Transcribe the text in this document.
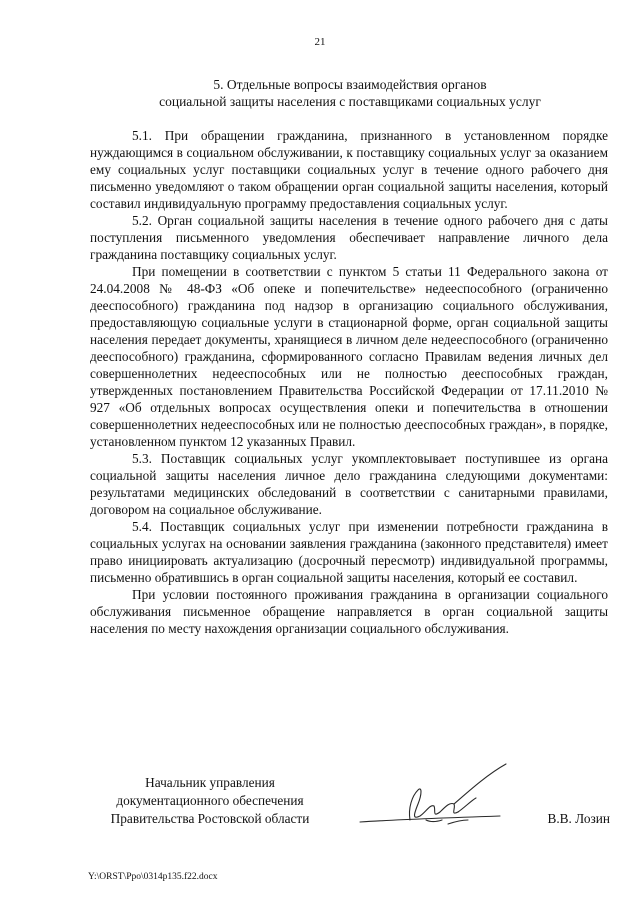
21
5. Отдельные вопросы взаимодействия органов
социальной защиты населения с поставщиками социальных услуг

5.1. При обращении гражданина, признанного в установленном порядке нуждающимся в социальном обслуживании, к поставщику социальных услуг за оказанием ему социальных услуг поставщики социальных услуг в течение одного рабочего дня письменно уведомляют о таком обращении орган социальной защиты населения, который составил индивидуальную программу предоставления социальных услуг.

5.2. Орган социальной защиты населения в течение одного рабочего дня с даты поступления письменного уведомления обеспечивает направление личного дела гражданина поставщику социальных услуг.

При помещении в соответствии с пунктом 5 статьи 11 Федерального закона от 24.04.2008 № 48-ФЗ «Об опеке и попечительстве» недееспособного (ограниченно дееспособного) гражданина под надзор в организацию социального обслуживания, предоставляющую социальные услуги в стационарной форме, орган социальной защиты населения передает документы, хранящиеся в личном деле недееспособного (ограниченно дееспособного) гражданина, сформированного согласно Правилам ведения личных дел совершеннолетних недееспособных или не полностью дееспособных граждан, утвержденных постановлением Правительства Российской Федерации от 17.11.2010 № 927 «Об отдельных вопросах осуществления опеки и попечительства в отношении совершеннолетних недееспособных или не полностью дееспособных граждан», в порядке, установленном пунктом 12 указанных Правил.

5.3. Поставщик социальных услуг укомплектовывает поступившее из органа социальной защиты населения личное дело гражданина следующими документами: результатами медицинских обследований в соответствии с санитарными правилами, договором на социальное обслуживание.

5.4. Поставщик социальных услуг при изменении потребности гражданина в социальных услугах на основании заявления гражданина (законного представителя) имеет право инициировать актуализацию (досрочный пересмотр) индивидуальной программы, письменно обратившись в орган социальной защиты населения, который ее составил.

При условии постоянного проживания гражданина в организации социального обслуживания письменное обращение направляется в орган социальной защиты населения по месту нахождения организации социального обслуживания.

Начальник управления
документационного обеспечения
Правительства Ростовской области	В.В. Лозин
Y:\ORST\Ppo\0314p135.f22.docx
